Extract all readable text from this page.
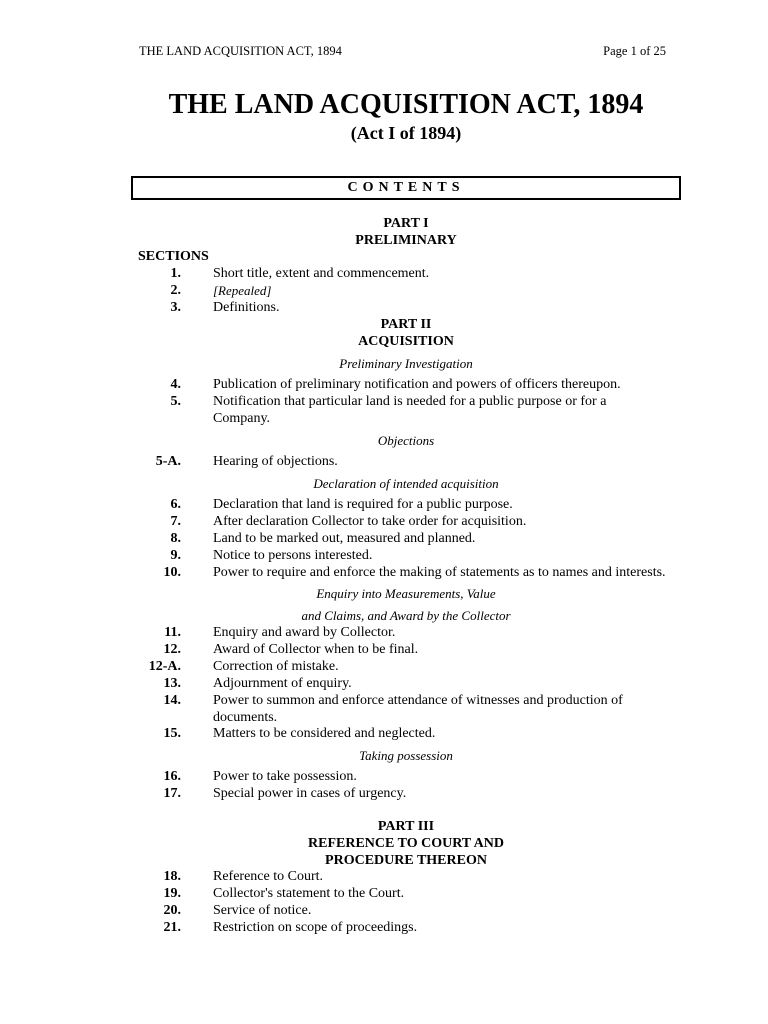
THE LAND ACQUISITION ACT, 1894	Page 1 of 25
THE LAND ACQUISITION ACT, 1894
(Act I of 1894)
CONTENTS
PART I
PRELIMINARY
SECTIONS
1. Short title, extent and commencement.
2. [Repealed]
3. Definitions.
PART II
ACQUISITION
Preliminary Investigation
4. Publication of preliminary notification and powers of officers thereupon.
5. Notification that particular land is needed for a public purpose or for a Company.
Objections
5-A. Hearing of objections.
Declaration of intended acquisition
6. Declaration that land is required for a public purpose.
7. After declaration Collector to take order for acquisition.
8. Land to be marked out, measured and planned.
9. Notice to persons interested.
10. Power to require and enforce the making of statements as to names and interests.
Enquiry into Measurements, Value
and Claims, and Award by the Collector
11. Enquiry and award by Collector.
12. Award of Collector when to be final.
12-A. Correction of mistake.
13. Adjournment of enquiry.
14. Power to summon and enforce attendance of witnesses and production of documents.
15. Matters to be considered and neglected.
Taking possession
16. Power to take possession.
17. Special power in cases of urgency.
PART III
REFERENCE TO COURT AND
PROCEDURE THEREON
18. Reference to Court.
19. Collector's statement to the Court.
20. Service of notice.
21. Restriction on scope of proceedings.
